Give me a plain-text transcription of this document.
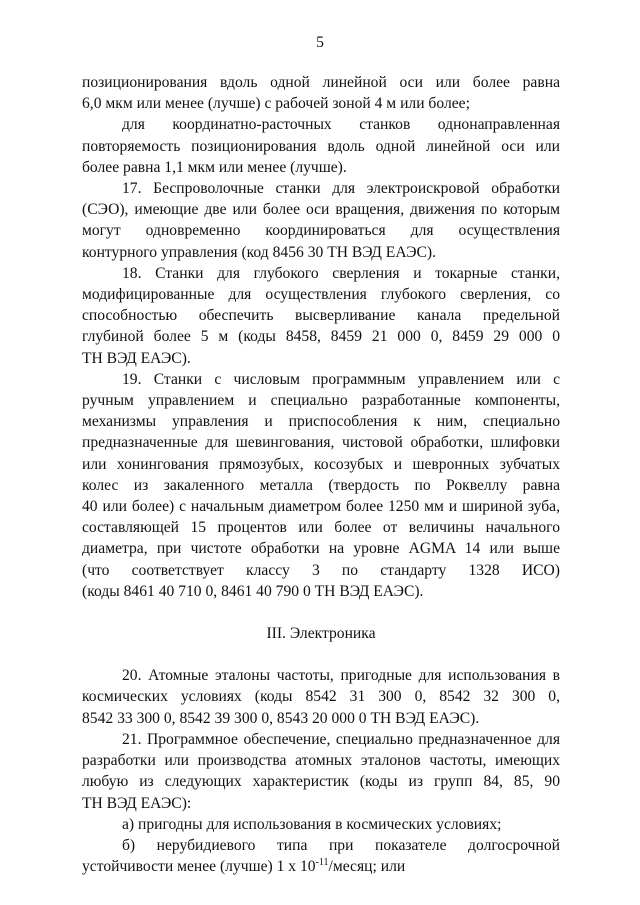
5

позиционирования вдоль одной линейной оси или более равна

6,0 мкм или менее (лучше) с рабочей зоной 4 м или более;

для координатно-расточных станков однонаправленная

повторяемость позиционирования вдоль одной линейной оси или

более равна 1,1 мкм или менее (лучше).

17. Беспроволочные станки для электроискровой обработки

(СЭО), имеющие две или более оси вращения, движения по которым

могут одновременно координироваться для осуществления

контурного управления (код 8456 30 ТН ВЭД ЕАЭС).

18. Станки для глубокого сверления и токарные станки,

модифицированные для осуществления глубокого сверления, со

способностью обеспечить высверливание канала предельной

глубиной более 5 м (коды 8458, 8459 21 000 0, 8459 29 000 0

ТН ВЭД ЕАЭС).

19. Станки с числовым программным управлением или с

ручным управлением и специально разработанные компоненты,

механизмы управления и приспособления к ним, специально

предназначенные для шевингования, чистовой обработки, шлифовки

или хонингования прямозубых, косозубых и шевронных зубчатых

колес из закаленного металла (твердость по Роквеллу равна

40 или более) с начальным диаметром более 1250 мм и шириной зуба,

составляющей 15 процентов или более от величины начального

диаметра, при чистоте обработки на уровне AGMA 14 или выше

(что соответствует классу 3 по стандарту 1328 ИСО)

(коды 8461 40 710 0, 8461 40 790 0 ТН ВЭД ЕАЭС).

III. Электроника

20. Атомные эталоны частоты, пригодные для использования в

космических условиях (коды 8542 31 300 0, 8542 32 300 0,

8542 33 300 0, 8542 39 300 0, 8543 20 000 0 ТН ВЭД ЕАЭС).

21. Программное обеспечение, специально предназначенное для

разработки или производства атомных эталонов частоты, имеющих

любую из следующих характеристик (коды из групп 84, 85, 90

ТН ВЭД ЕАЭС):

а) пригодны для использования в космических условиях;

б) нерубидиевого типа при показателе долгосрочной

устойчивости менее (лучше) 1 x $10^{-11}$/месяц; или
